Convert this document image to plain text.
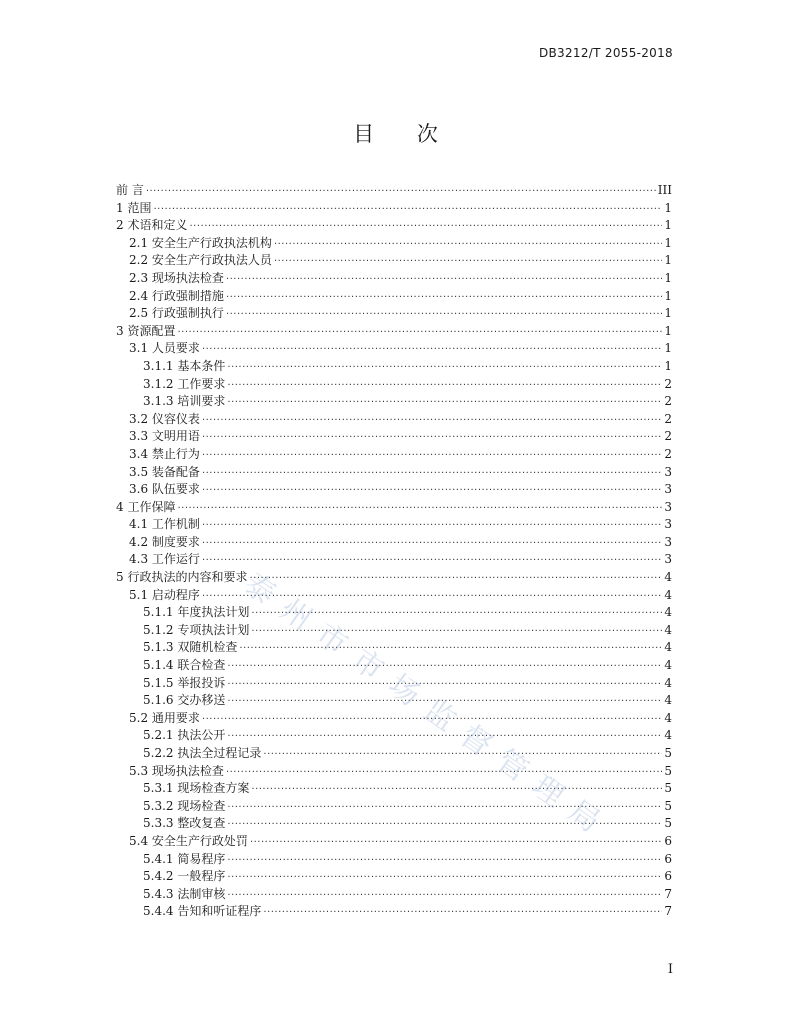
DB3212/T 2055-2018
目 次
前 言 ·····	III
1 范围 ·····	1
2 术语和定义 ·····	1
2.1 安全生产行政执法机构 ·····	1
2.2 安全生产行政执法人员 ·····	1
2.3 现场执法检查 ·····	1
2.4 行政强制措施 ·····	1
2.5 行政强制执行 ·····	1
3 资源配置 ·····	1
3.1 人员要求 ·····	1
3.1.1 基本条件 ·····	1
3.1.2 工作要求 ·····	2
3.1.3 培训要求 ·····	2
3.2 仪容仪表 ·····	2
3.3 文明用语 ·····	2
3.4 禁止行为 ·····	2
3.5 装备配备 ·····	3
3.6 队伍要求 ·····	3
4 工作保障 ·····	3
4.1 工作机制 ·····	3
4.2 制度要求 ·····	3
4.3 工作运行 ·····	3
5 行政执法的内容和要求 ·····	4
5.1 启动程序 ·····	4
5.1.1 年度执法计划 ·····	4
5.1.2 专项执法计划 ·····	4
5.1.3 双随机检查 ·····	4
5.1.4 联合检查 ·····	4
5.1.5 举报投诉 ·····	4
5.1.6 交办移送 ·····	4
5.2 通用要求 ·····	4
5.2.1 执法公开 ·····	4
5.2.2 执法全过程记录 ·····	5
5.3 现场执法检查 ·····	5
5.3.1 现场检查方案 ·····	5
5.3.2 现场检查 ·····	5
5.3.3 整改复查 ·····	5
5.4 安全生产行政处罚 ·····	6
5.4.1 简易程序 ·····	6
5.4.2 一般程序 ·····	6
5.4.3 法制审核 ·····	7
5.4.4 告知和听证程序 ·····	7
泰州市市场监督管理局
I
